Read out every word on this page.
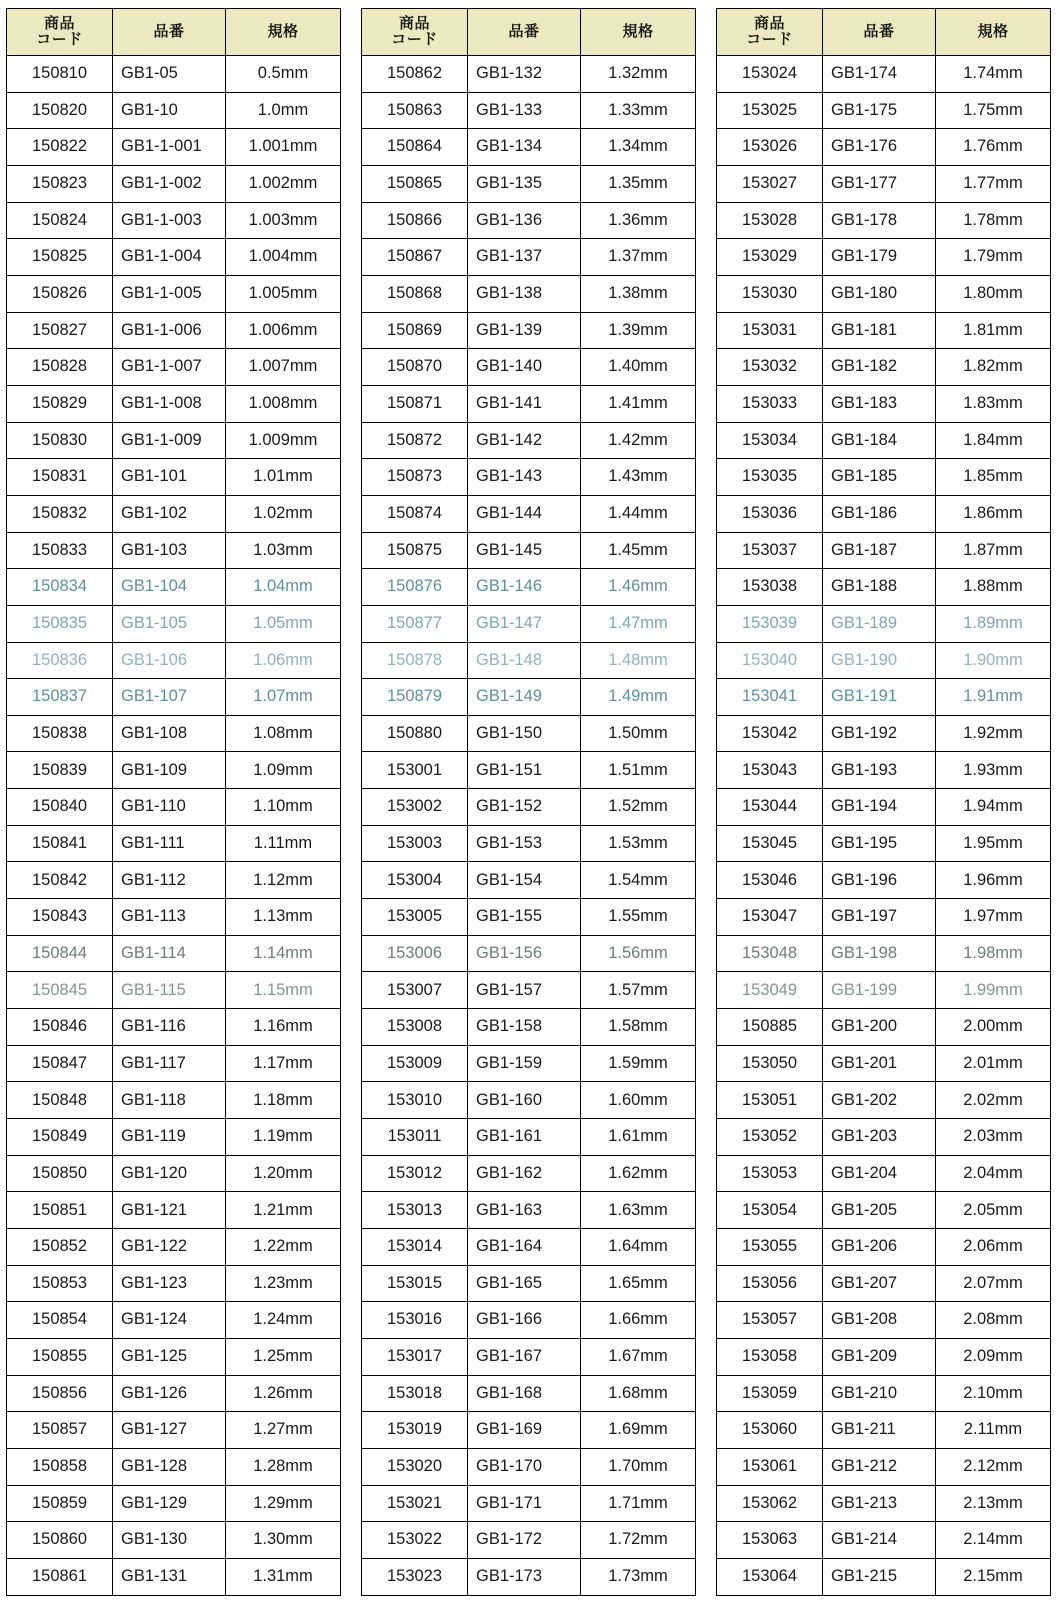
商品
コード	品番	規格
150810	GB1-05	0.5mm
150820	GB1-10	1.0mm
150822	GB1-1-001	1.001mm
150823	GB1-1-002	1.002mm
150824	GB1-1-003	1.003mm
150825	GB1-1-004	1.004mm
150826	GB1-1-005	1.005mm
150827	GB1-1-006	1.006mm
150828	GB1-1-007	1.007mm
150829	GB1-1-008	1.008mm
150830	GB1-1-009	1.009mm
150831	GB1-101	1.01mm
150832	GB1-102	1.02mm
150833	GB1-103	1.03mm
150834	GB1-104	1.04mm
150835	GB1-105	1.05mm
150836	GB1-106	1.06mm
150837	GB1-107	1.07mm
150838	GB1-108	1.08mm
150839	GB1-109	1.09mm
150840	GB1-110	1.10mm
150841	GB1-111	1.11mm
150842	GB1-112	1.12mm
150843	GB1-113	1.13mm
150844	GB1-114	1.14mm
150845	GB1-115	1.15mm
150846	GB1-116	1.16mm
150847	GB1-117	1.17mm
150848	GB1-118	1.18mm
150849	GB1-119	1.19mm
150850	GB1-120	1.20mm
150851	GB1-121	1.21mm
150852	GB1-122	1.22mm
150853	GB1-123	1.23mm
150854	GB1-124	1.24mm
150855	GB1-125	1.25mm
150856	GB1-126	1.26mm
150857	GB1-127	1.27mm
150858	GB1-128	1.28mm
150859	GB1-129	1.29mm
150860	GB1-130	1.30mm
150861	GB1-131	1.31mm
商品
コード	品番	規格
150862	GB1-132	1.32mm
150863	GB1-133	1.33mm
150864	GB1-134	1.34mm
150865	GB1-135	1.35mm
150866	GB1-136	1.36mm
150867	GB1-137	1.37mm
150868	GB1-138	1.38mm
150869	GB1-139	1.39mm
150870	GB1-140	1.40mm
150871	GB1-141	1.41mm
150872	GB1-142	1.42mm
150873	GB1-143	1.43mm
150874	GB1-144	1.44mm
150875	GB1-145	1.45mm
150876	GB1-146	1.46mm
150877	GB1-147	1.47mm
150878	GB1-148	1.48mm
150879	GB1-149	1.49mm
150880	GB1-150	1.50mm
153001	GB1-151	1.51mm
153002	GB1-152	1.52mm
153003	GB1-153	1.53mm
153004	GB1-154	1.54mm
153005	GB1-155	1.55mm
153006	GB1-156	1.56mm
153007	GB1-157	1.57mm
153008	GB1-158	1.58mm
153009	GB1-159	1.59mm
153010	GB1-160	1.60mm
153011	GB1-161	1.61mm
153012	GB1-162	1.62mm
153013	GB1-163	1.63mm
153014	GB1-164	1.64mm
153015	GB1-165	1.65mm
153016	GB1-166	1.66mm
153017	GB1-167	1.67mm
153018	GB1-168	1.68mm
153019	GB1-169	1.69mm
153020	GB1-170	1.70mm
153021	GB1-171	1.71mm
153022	GB1-172	1.72mm
153023	GB1-173	1.73mm
商品
コード	品番	規格
153024	GB1-174	1.74mm
153025	GB1-175	1.75mm
153026	GB1-176	1.76mm
153027	GB1-177	1.77mm
153028	GB1-178	1.78mm
153029	GB1-179	1.79mm
153030	GB1-180	1.80mm
153031	GB1-181	1.81mm
153032	GB1-182	1.82mm
153033	GB1-183	1.83mm
153034	GB1-184	1.84mm
153035	GB1-185	1.85mm
153036	GB1-186	1.86mm
153037	GB1-187	1.87mm
153038	GB1-188	1.88mm
153039	GB1-189	1.89mm
153040	GB1-190	1.90mm
153041	GB1-191	1.91mm
153042	GB1-192	1.92mm
153043	GB1-193	1.93mm
153044	GB1-194	1.94mm
153045	GB1-195	1.95mm
153046	GB1-196	1.96mm
153047	GB1-197	1.97mm
153048	GB1-198	1.98mm
153049	GB1-199	1.99mm
150885	GB1-200	2.00mm
153050	GB1-201	2.01mm
153051	GB1-202	2.02mm
153052	GB1-203	2.03mm
153053	GB1-204	2.04mm
153054	GB1-205	2.05mm
153055	GB1-206	2.06mm
153056	GB1-207	2.07mm
153057	GB1-208	2.08mm
153058	GB1-209	2.09mm
153059	GB1-210	2.10mm
153060	GB1-211	2.11mm
153061	GB1-212	2.12mm
153062	GB1-213	2.13mm
153063	GB1-214	2.14mm
153064	GB1-215	2.15mm
